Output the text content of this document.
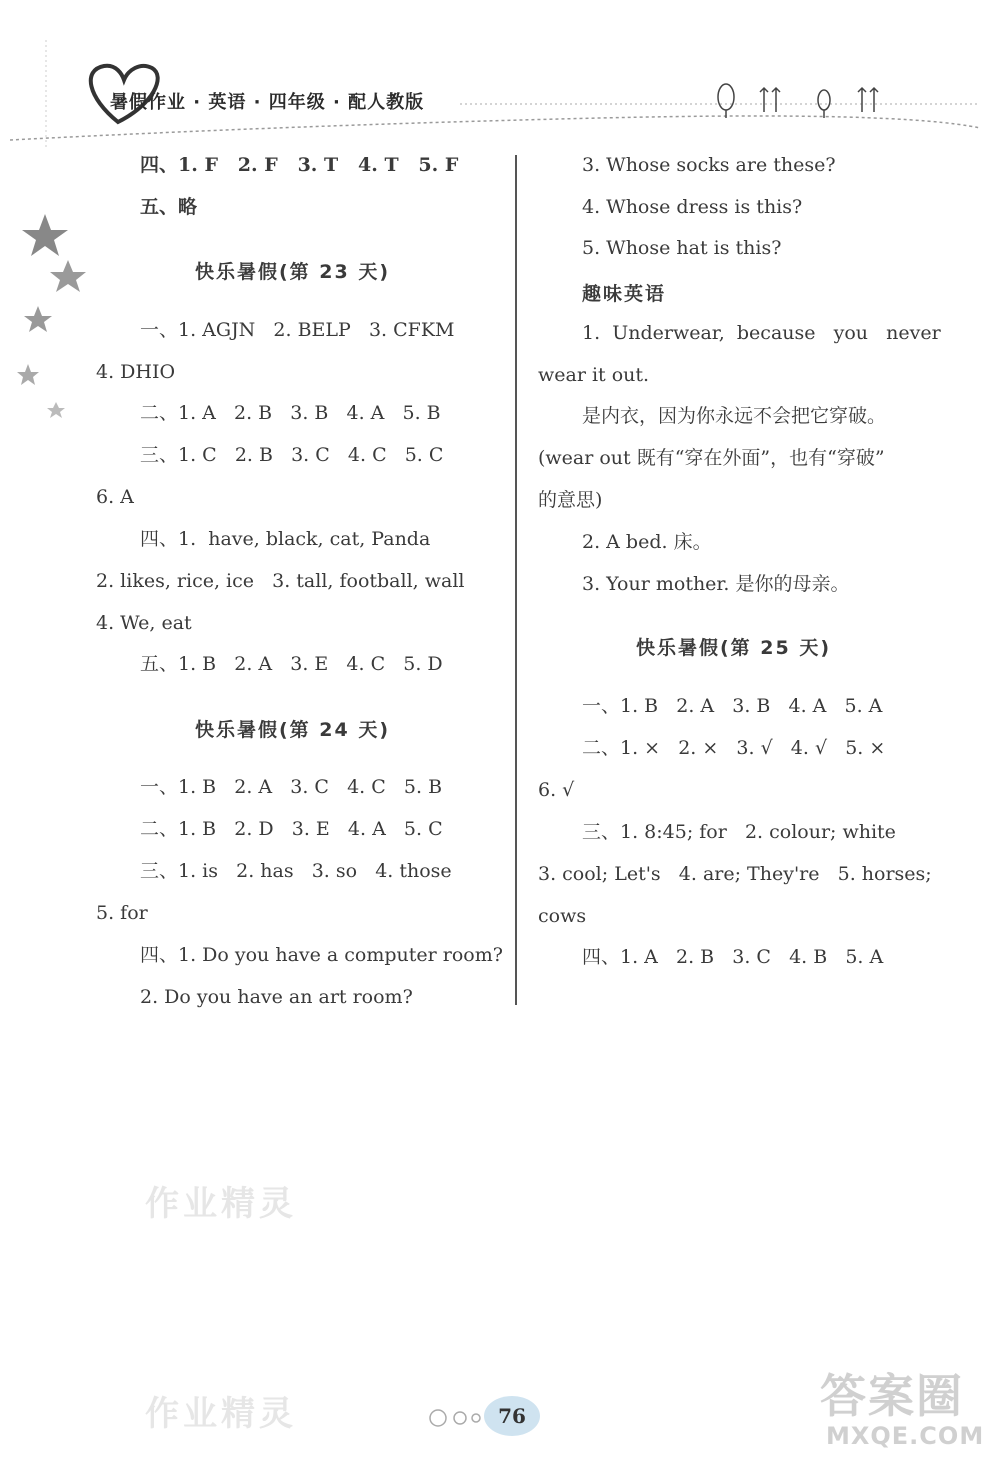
暑假作业 · 英语 · 四年级 · 配人教版
四、1. F   2. F   3. T   4. T   5. F
五、略
快乐暑假(第 23 天)
一、1. AGJN   2. BELP   3. CFKM
4. DHIO
二、1. A   2. B   3. B   4. A   5. B
三、1. C   2. B   3. C   4. C   5. C
6. A
四、1.  have, black, cat, Panda
2. likes, rice, ice   3. tall, football, wall
4. We, eat
五、1. B   2. A   3. E   4. C   5. D
快乐暑假(第 24 天)
一、1. B   2. A   3. C   4. C   5. B
二、1. B   2. D   3. E   4. A   5. C
三、1. is   2. has   3. so   4. those
5. for
四、1. Do you have a computer room?
2. Do you have an art room?
3. Whose socks are these?
4. Whose dress is this?
5. Whose hat is this?
趣味英语
1.  Underwear,  because   you   never
wear it out.
是内衣，因为你永远不会把它穿破。
(wear out 既有“穿在外面”，也有“穿破”
的意思)
2. A bed. 床。
3. Your mother. 是你的母亲。
快乐暑假(第 25 天)
一、1. B   2. A   3. B   4. A   5. A
二、1. ×   2. ×   3. √   4. √   5. ×
6. √
三、1. 8:45; for   2. colour; white
3. cool; Let's   4. are; They're   5. horses;
cows
四、1. A   2. B   3. C   4. B   5. A
作业精灵
作业精灵	76	答案圈
MXQE.COM
